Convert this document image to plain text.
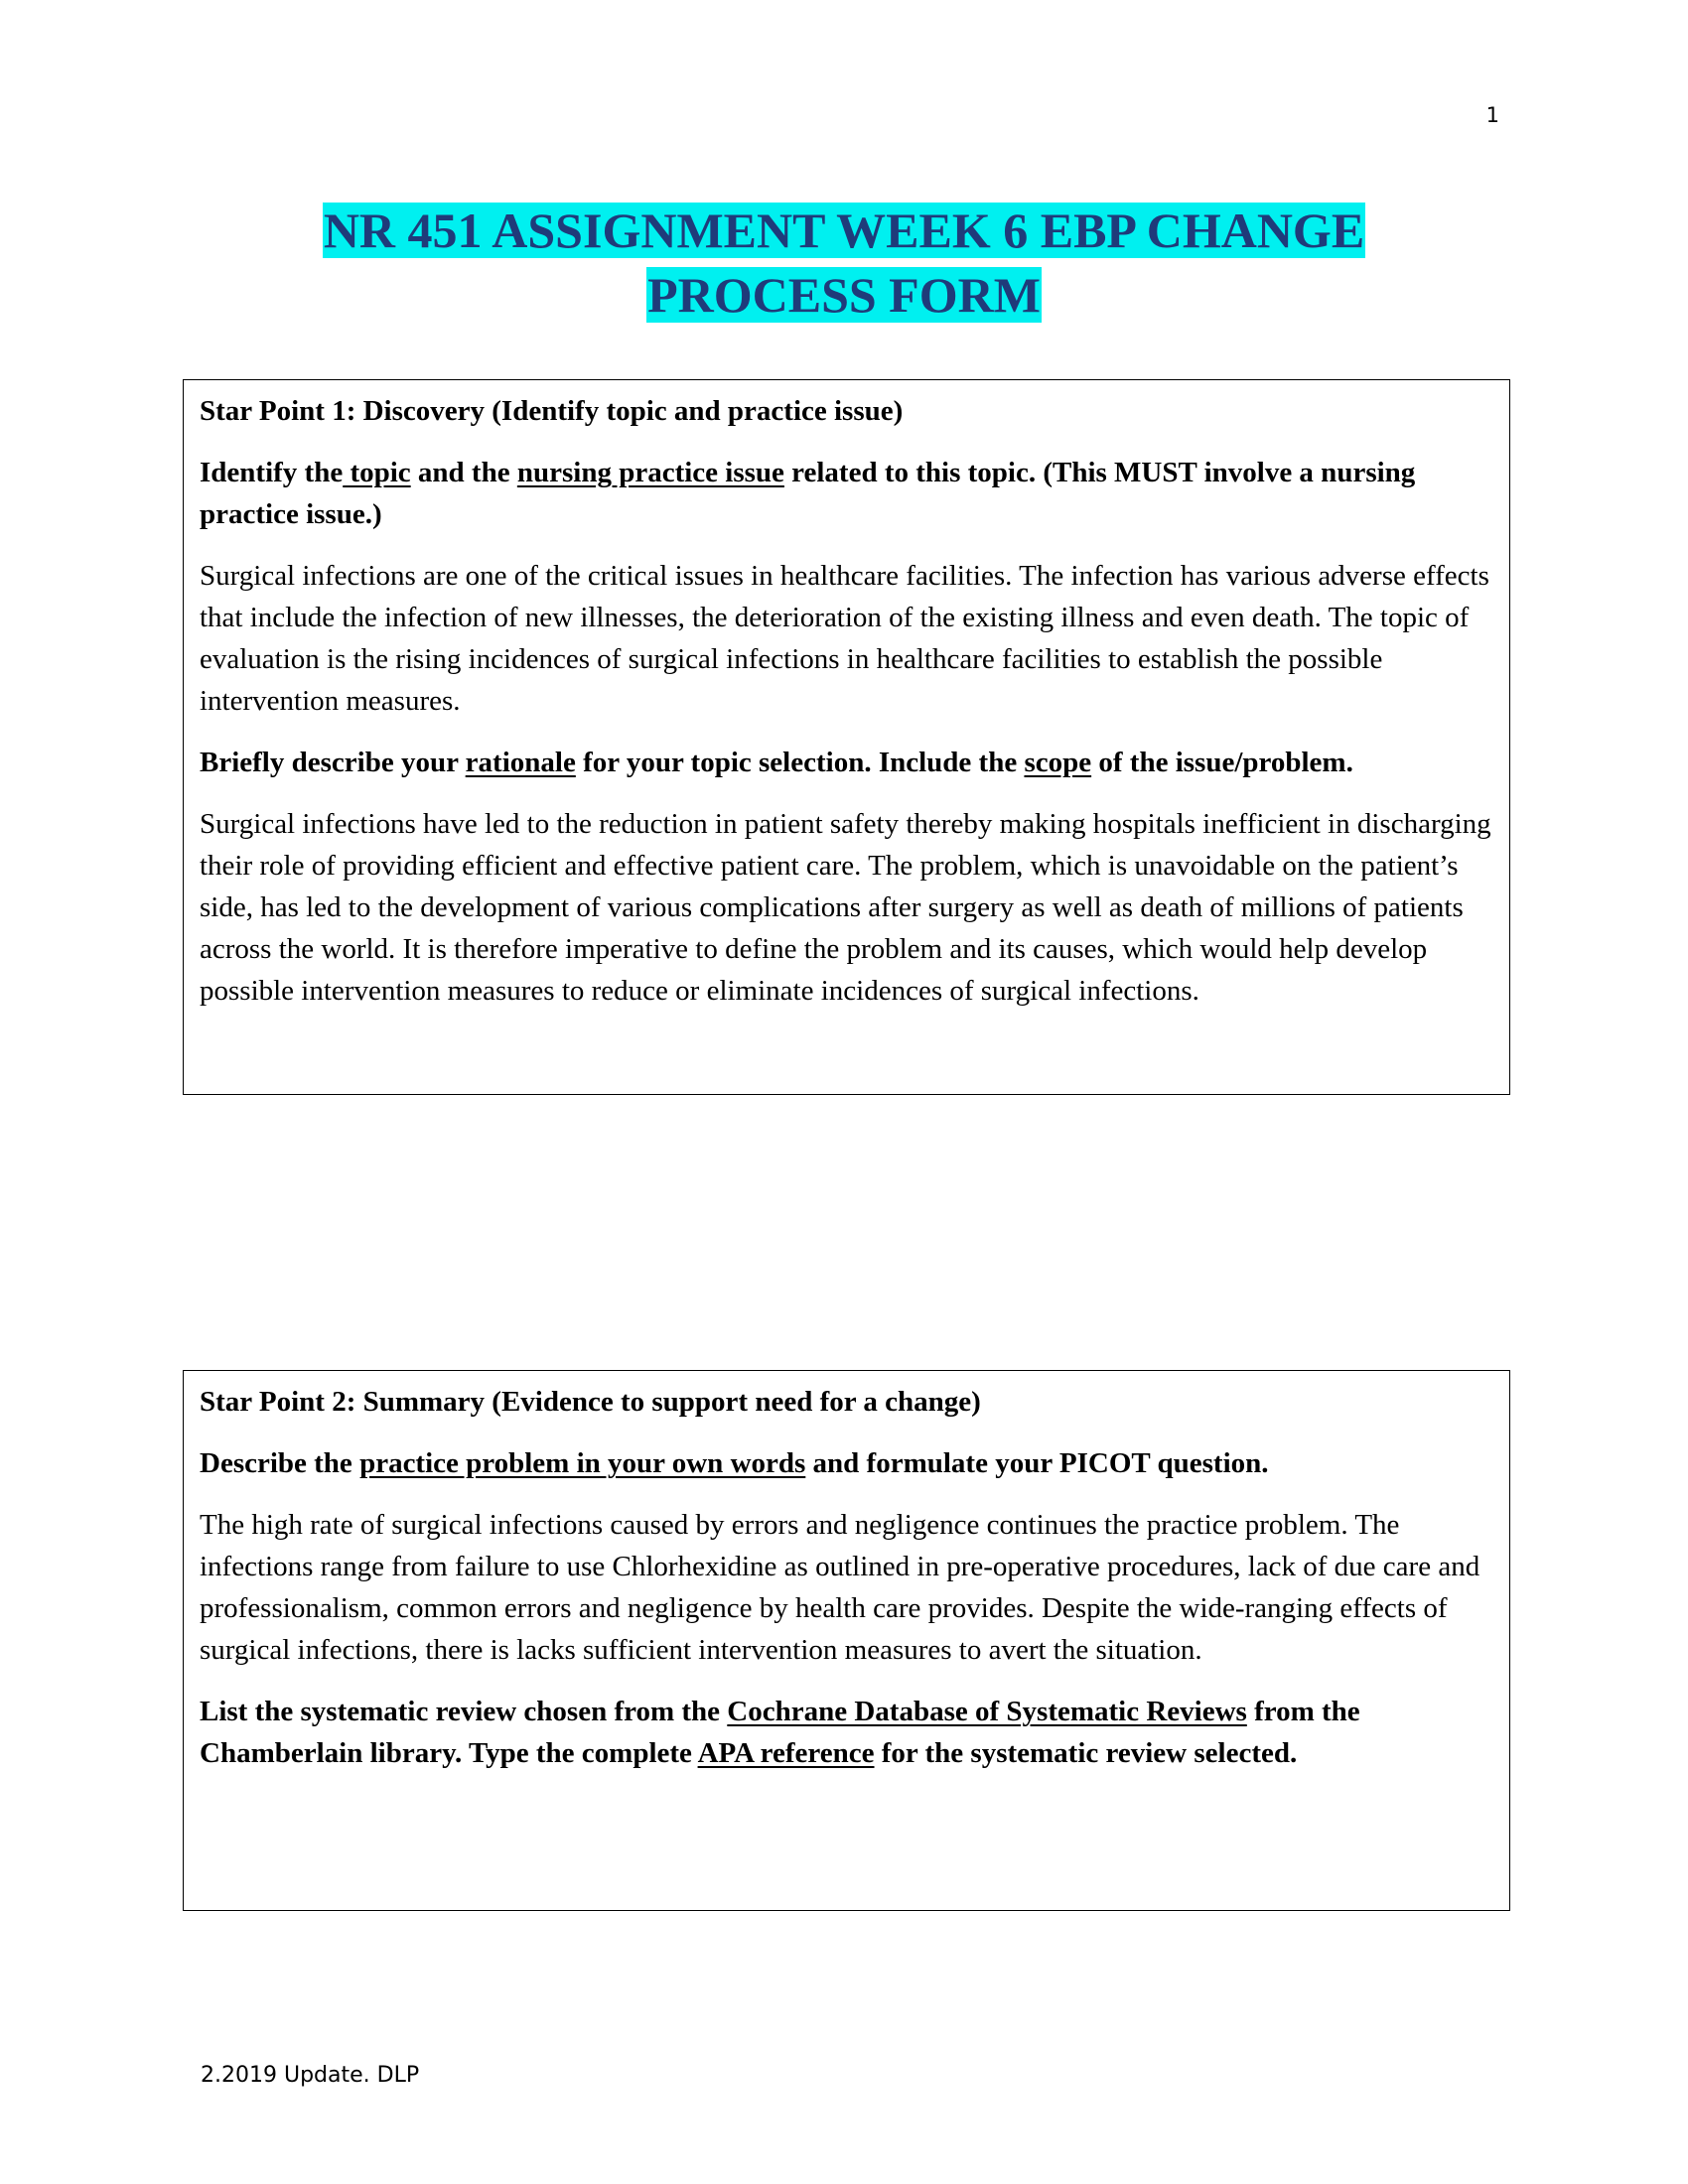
1
NR 451 ASSIGNMENT WEEK 6 EBP CHANGE
PROCESS FORM
Star Point 1: Discovery (Identify topic and practice issue)
Identify the topic and the nursing practice issue related to this topic. (This MUST involve a nursing practice issue.)
Surgical infections are one of the critical issues in healthcare facilities. The infection has various adverse effects that include the infection of new illnesses, the deterioration of the existing illness and even death. The topic of evaluation is the rising incidences of surgical infections in healthcare facilities to establish the possible intervention measures.
Briefly describe your rationale for your topic selection. Include the scope of the issue/problem.
Surgical infections have led to the reduction in patient safety thereby making hospitals inefficient in discharging their role of providing efficient and effective patient care. The problem, which is unavoidable on the patient’s side, has led to the development of various complications after surgery as well as death of millions of patients across the world. It is therefore imperative to define the problem and its causes, which would help develop possible intervention measures to reduce or eliminate incidences of surgical infections.
Star Point 2: Summary (Evidence to support need for a change)
Describe the practice problem in your own words and formulate your PICOT question.
The high rate of surgical infections caused by errors and negligence continues the practice problem. The infections range from failure to use Chlorhexidine as outlined in pre-operative procedures, lack of due care and professionalism, common errors and negligence by health care provides. Despite the wide-ranging effects of surgical infections, there is lacks sufficient intervention measures to avert the situation.
List the systematic review chosen from the Cochrane Database of Systematic Reviews from the Chamberlain library. Type the complete APA reference for the systematic review selected.
2.2019 Update. DLP
